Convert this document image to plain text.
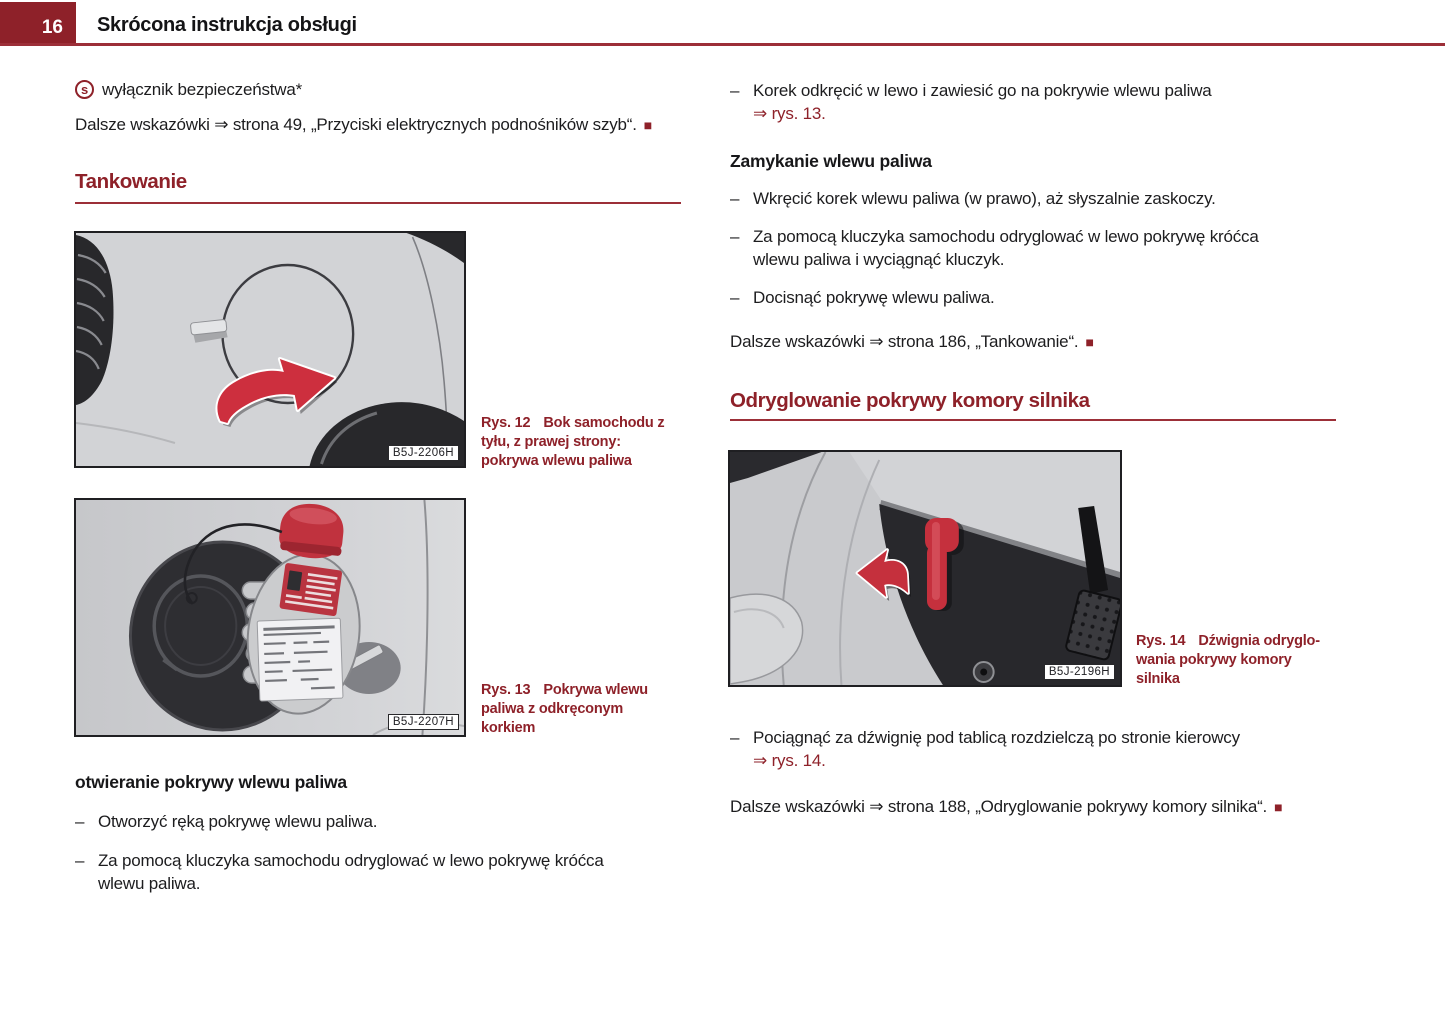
16 Skrócona instrukcja obsługi
s wyłącznik bezpieczeństwa*
Dalsze wskazówki ⇒ strona 49, „Przyciski elektrycznych podnośników szyb“. ■
Tankowanie
B5J-2206H
Rys. 12 Bok samochodu z
tyłu, z prawej strony:
pokrywa wlewu paliwa
B5J-2207H
Rys. 13 Pokrywa wlewu
paliwa z odkręconym
korkiem
otwieranie pokrywy wlewu paliwa
– Otworzyć ręką pokrywę wlewu paliwa.
– Za pomocą kluczyka samochodu odryglować w lewo pokrywę króćca
wlewu paliwa.
– Korek odkręcić w lewo i zawiesić go na pokrywie wlewu paliwa
⇒ rys. 13.
Zamykanie wlewu paliwa
– Wkręcić korek wlewu paliwa (w prawo), aż słyszalnie zaskoczy.
– Za pomocą kluczyka samochodu odryglować w lewo pokrywę króćca
wlewu paliwa i wyciągnąć kluczyk.
– Docisnąć pokrywę wlewu paliwa.
Dalsze wskazówki ⇒ strona 186, „Tankowanie“. ■
Odryglowanie pokrywy komory silnika
B5J-2196H
Rys. 14 Dźwignia odryglo-
wania pokrywy komory
silnika
– Pociągnąć za dźwignię pod tablicą rozdzielczą po stronie kierowcy
⇒ rys. 14.
Dalsze wskazówki ⇒ strona 188, „Odryglowanie pokrywy komory silnika“. ■
